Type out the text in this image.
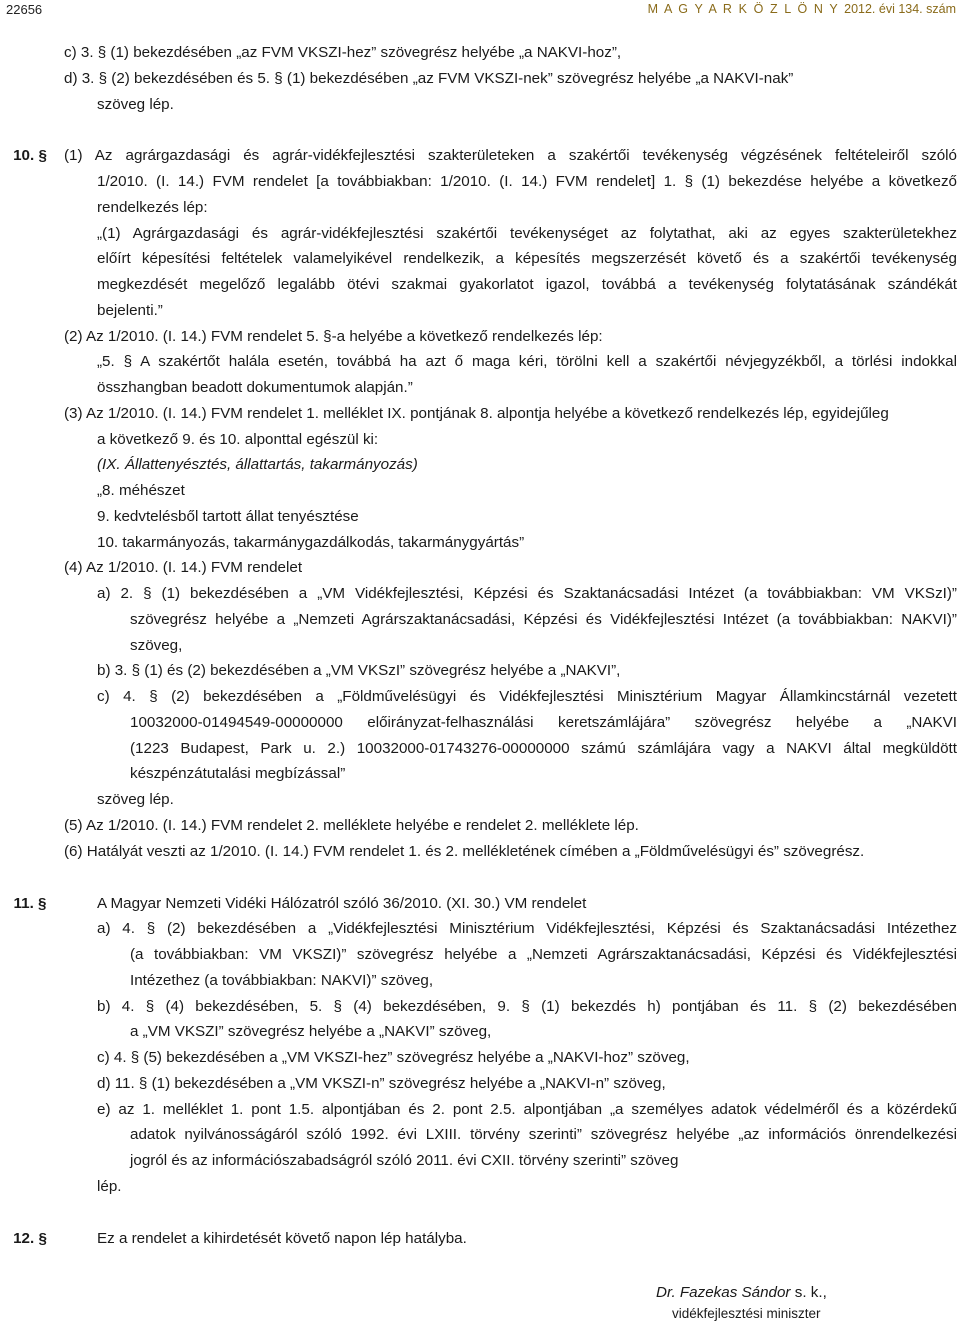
22656	M A G Y A R K Ö Z L Ö N Y 2012. évi 134. szám
10. §
11. §
12. §
c) 3. § (1) bekezdésében „az FVM VKSZI-hez” szövegrész helyébe „a NAKVI-hoz”,
d) 3. § (2) bekezdésében és 5. § (1) bekezdésében „az FVM VKSZI-nek” szövegrész helyébe „a NAKVI-nak”
szöveg lép.
(1) Az agrárgazdasági és agrár-vidékfejlesztési szakterületeken a szakértői tevékenység végzésének feltételeiről szóló
1/2010. (I. 14.) FVM rendelet [a továbbiakban: 1/2010. (I. 14.) FVM rendelet] 1. § (1) bekezdése helyébe a következő
rendelkezés lép:
„(1) Agrárgazdasági és agrár-vidékfejlesztési szakértői tevékenységet az folytathat, aki az egyes szakterületekhez
előírt képesítési feltételek valamelyikével rendelkezik, a képesítés megszerzését követő és a szakértői tevékenység
megkezdését megelőző legalább ötévi szakmai gyakorlatot igazol, továbbá a tevékenység folytatásának szándékát
bejelenti.”
(2) Az 1/2010. (I. 14.) FVM rendelet 5. §-a helyébe a következő rendelkezés lép:
„5. § A szakértőt halála esetén, továbbá ha azt ő maga kéri, törölni kell a szakértői névjegyzékből, a törlési indokkal
összhangban beadott dokumentumok alapján.”
(3) Az 1/2010. (I. 14.) FVM rendelet 1. melléklet IX. pontjának 8. alpontja helyébe a következő rendelkezés lép, egyidejűleg
a következő 9. és 10. alponttal egészül ki:
(IX. Állattenyésztés, állattartás, takarmányozás)
„8. méhészet
9. kedvtelésből tartott állat tenyésztése
10. takarmányozás, takarmánygazdálkodás, takarmánygyártás”
(4) Az 1/2010. (I. 14.) FVM rendelet
a) 2. § (1) bekezdésében a „VM Vidékfejlesztési, Képzési és Szaktanácsadási Intézet (a továbbiakban: VM VKSzI)”
szövegrész helyébe a „Nemzeti Agrárszaktanácsadási, Képzési és Vidékfejlesztési Intézet (a továbbiakban: NAKVI)”
szöveg,
b) 3. § (1) és (2) bekezdésében a „VM VKSzI” szövegrész helyébe a „NAKVI”,
c) 4. § (2) bekezdésében a „Földművelésügyi és Vidékfejlesztési Minisztérium Magyar Államkincstárnál vezetett
10032000-01494549-00000000 előirányzat-felhasználási keretszámlájára” szövegrész helyébe a „NAKVI
(1223 Budapest, Park u. 2.) 10032000-01743276-00000000 számú számlájára vagy a NAKVI által megküldött
készpénzátutalási megbízással”
szöveg lép.
(5) Az 1/2010. (I. 14.) FVM rendelet 2. melléklete helyébe e rendelet 2. melléklete lép.
(6) Hatályát veszti az 1/2010. (I. 14.) FVM rendelet 1. és 2. mellékletének címében a „Földművelésügyi és” szövegrész.
A Magyar Nemzeti Vidéki Hálózatról szóló 36/2010. (XI. 30.) VM rendelet
a) 4. § (2) bekezdésében a „Vidékfejlesztési Minisztérium Vidékfejlesztési, Képzési és Szaktanácsadási Intézethez
(a továbbiakban: VM VKSZI)” szövegrész helyébe a „Nemzeti Agrárszaktanácsadási, Képzési és Vidékfejlesztési
Intézethez (a továbbiakban: NAKVI)” szöveg,
b) 4. § (4) bekezdésében, 5. § (4) bekezdésében, 9. § (1) bekezdés h) pontjában és 11. § (2) bekezdésében
a „VM VKSZI” szövegrész helyébe a „NAKVI” szöveg,
c) 4. § (5) bekezdésében a „VM VKSZI-hez” szövegrész helyébe a „NAKVI-hoz” szöveg,
d) 11. § (1) bekezdésében a „VM VKSZI-n” szövegrész helyébe a „NAKVI-n” szöveg,
e) az 1. melléklet 1. pont 1.5. alpontjában és 2. pont 2.5. alpontjában „a személyes adatok védelméről és a közérdekű
adatok nyilvánosságáról szóló 1992. évi LXIII. törvény szerinti” szövegrész helyébe „az információs önrendelkezési
jogról és az információszabadságról szóló 2011. évi CXII. törvény szerinti” szöveg
lép.
Ez a rendelet a kihirdetését követő napon lép hatályba.
Dr. Fazekas Sándor s. k.,
vidékfejlesztési miniszter
